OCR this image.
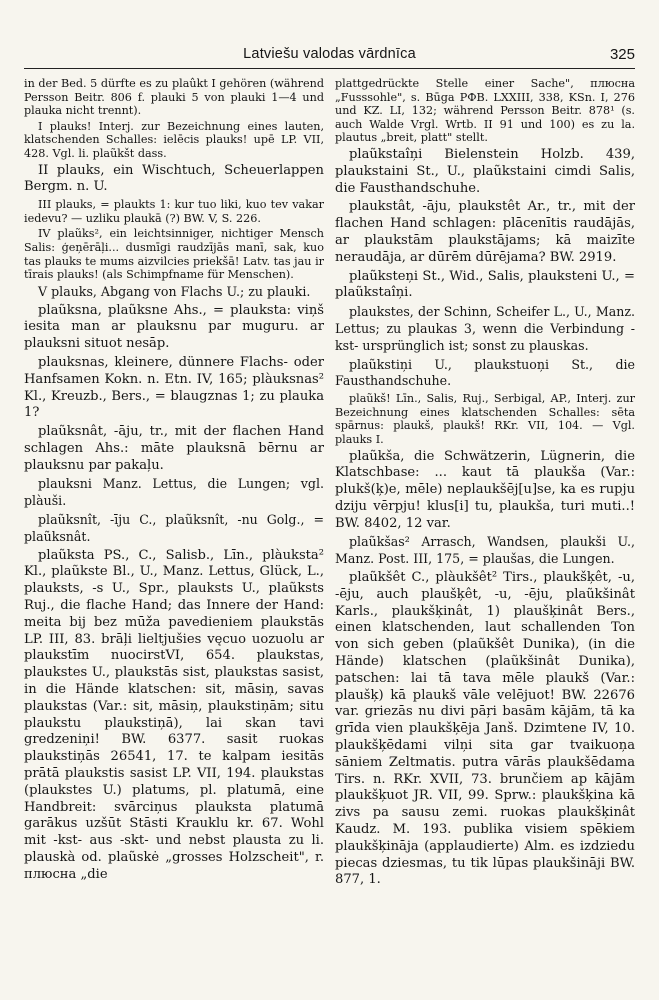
Latviešu valodas vārdnīca	325

in der Bed. 5 dürfte es zu plaûkt I gehören (während Persson Beitr. 806 f. plauki 5 von plauki 1—4 und plauka nicht trennt).

I plauks! Interj. zur Bezeichnung eines lauten, klatschenden Schalles: ielēcis plauks! upē LP. VII, 428. Vgl. li. plaũkšt dass.

II plauks, ein Wischtuch, Scheuerlappen Bergm. n. U.

III plauks, = plaukts 1: kur tuo liki, kuo tev vakar iedevu? — uzliku plaukā (?) BW. V, S. 226.

IV plaũks², ein leichtsinniger, nichtiger Mensch Salis: ģeņērāļi... dusmīgi raudzījās manī, sak, kuo tas plauks te mums aizvilcies priekšā! Latv. tas jau ir tīrais plauks! (als Schimpfname für Menschen).

V plauks, Abgang von Flachs U.; zu plauki.

plaũksna, plaũksne Ahs., = plauksta: viņš iesita man ar plauksnu par muguru. ar plauksni situot nesāp.

plauksnas, kleinere, dünnere Flachs- oder Hanfsamen Kokn. n. Etn. IV, 165; plàuksnas² Kl., Kreuzb., Bers., = blaugznas 1; zu plauka 1?

plaũksnât, -āju, tr., mit der flachen Hand schlagen Ahs.: māte plauksnā bērnu ar plauksnu par pakaļu.

plauksni Manz. Lettus, die Lungen; vgl. plàuši.

plaũksnît, -īju C., plaũksnît, -nu Golg., = plaũksnât.

plaũksta PS., C., Salisb., Līn., plàuksta² Kl., plaũkste Bl., U., Manz. Lettus, Glück, L., plauksts, -s U., Spr., plauksts U., plaũksts Ruj., die flache Hand; das Innere der Hand: meita bij bez mūža pavedieniem plaukstās LP. III, 83. brāļi lieltjušies vęcuo uozuolu ar plaukstīm nuocirstVI, 654. plaukstas, plaukstes U., plaukstās sist, plaukstas sasist, in die Hände klatschen: sit, māsiņ, savas plaukstas (Var.: sit, māsiņ, plaukstiņām; situ plaukstu plaukstiņā), lai skan tavi gredzeniņi! BW. 6377. sasit ruokas plaukstiņās 26541, 17. te kalpam iesitās prātā plaukstis sasist LP. VII, 194. plaukstas (plaukstes U.) platums, pl. platumā, eine Handbreit: svārciņus plauksta platumā garākus uzšūt Stāsti Krauklu kr. 67. Wohl mit -kst- aus -skt- und nebst plausta zu li. plauskà od. plaũskė „grosses Holzscheit", r. плюсна „die

plattgedrückte Stelle einer Sache", плюсна „Fusssohle", s. Būga РФВ. LXXIII, 338, KSn. I, 276 und KZ. LI, 132; während Persson Beitr. 878¹ (s. auch Walde Vrgl. Wrtb. II 91 und 100) es zu la. plautus „breit, platt" stellt.

plaũkstaîņi Bielenstein Holzb. 439, plaukstaini St., U., plaũkstaini cimdi Salis, die Fausthandschuhe.

plaukstât, -āju, plaukstêt Ar., tr., mit der flachen Hand schlagen: plācenītis raudājās, ar plaukstām plaukstājams; kā maizīte neraudāja, ar dūrēm dūrējama? BW. 2919.

plaũksteņi St., Wid., Salis, plauksteni U., = plaũkstaîņi.

plaukstes, der Schinn, Scheifer L., U., Manz. Lettus; zu plaukas 3, wenn die Verbindung -kst- ursprünglich ist; sonst zu plauskas.

plaũkstiņi U., plaukstuoņi St., die Fausthandschuhe.

plaũkš! Līn., Salis, Ruj., Serbigal, AP., Interj. zur Bezeichnung eines klatschenden Schalles: sēta spārnus: plaukš, plaukš! RKr. VII, 104. — Vgl. plauks I.

plaũkša, die Schwätzerin, Lügnerin, die Klatschbase: ... kaut tā plaukša (Var.: plukš(ķ)e, mēle) neplaukšēj[u]se, ka es rupju dziju vērpju! klus[i] tu, plaukša, turi muti..! BW. 8402, 12 var.

plaũkšas² Arrasch, Wandsen, plaukši U., Manz. Post. III, 175, = plaušas, die Lungen.

plaũkšêt C., plàukšêt² Tirs., plaukšķêt, -u, -ēju, auch plaušķêt, -u, -ēju, plaũkšinât Karls., plaukšķinât, 1) plaušķinât Bers., einen klatschenden, laut schallenden Ton von sich geben (plaũkšêt Dunika), (in die Hände) klatschen (plaũkšinât Dunika), patschen: lai tā tava mēle plaukš (Var.: plaušķ) kā plaukš vāle velējuot! BW. 22676 var. griezās nu divi pāŗi basām kājām, tā ka grīda vien plaukšķēja Janš. Dzimtene IV, 10. plaukšķēdami vilņi sita gar tvaikuoņa sāniem Zeltmatis. putra vārās plaukšēdama Tirs. n. RKr. XVII, 73. brunčiem ap kājām plaukšķuot JR. VII, 99. Sprw.: plaukšķina kā zivs pa sausu zemi. ruokas plaukšķinât Kaudz. M. 193. publika visiem spēkiem plaukšķināja (applaudierte) Alm. es izdziedu piecas dziesmas, tu tik lūpas plaukšināji BW. 877, 1.
